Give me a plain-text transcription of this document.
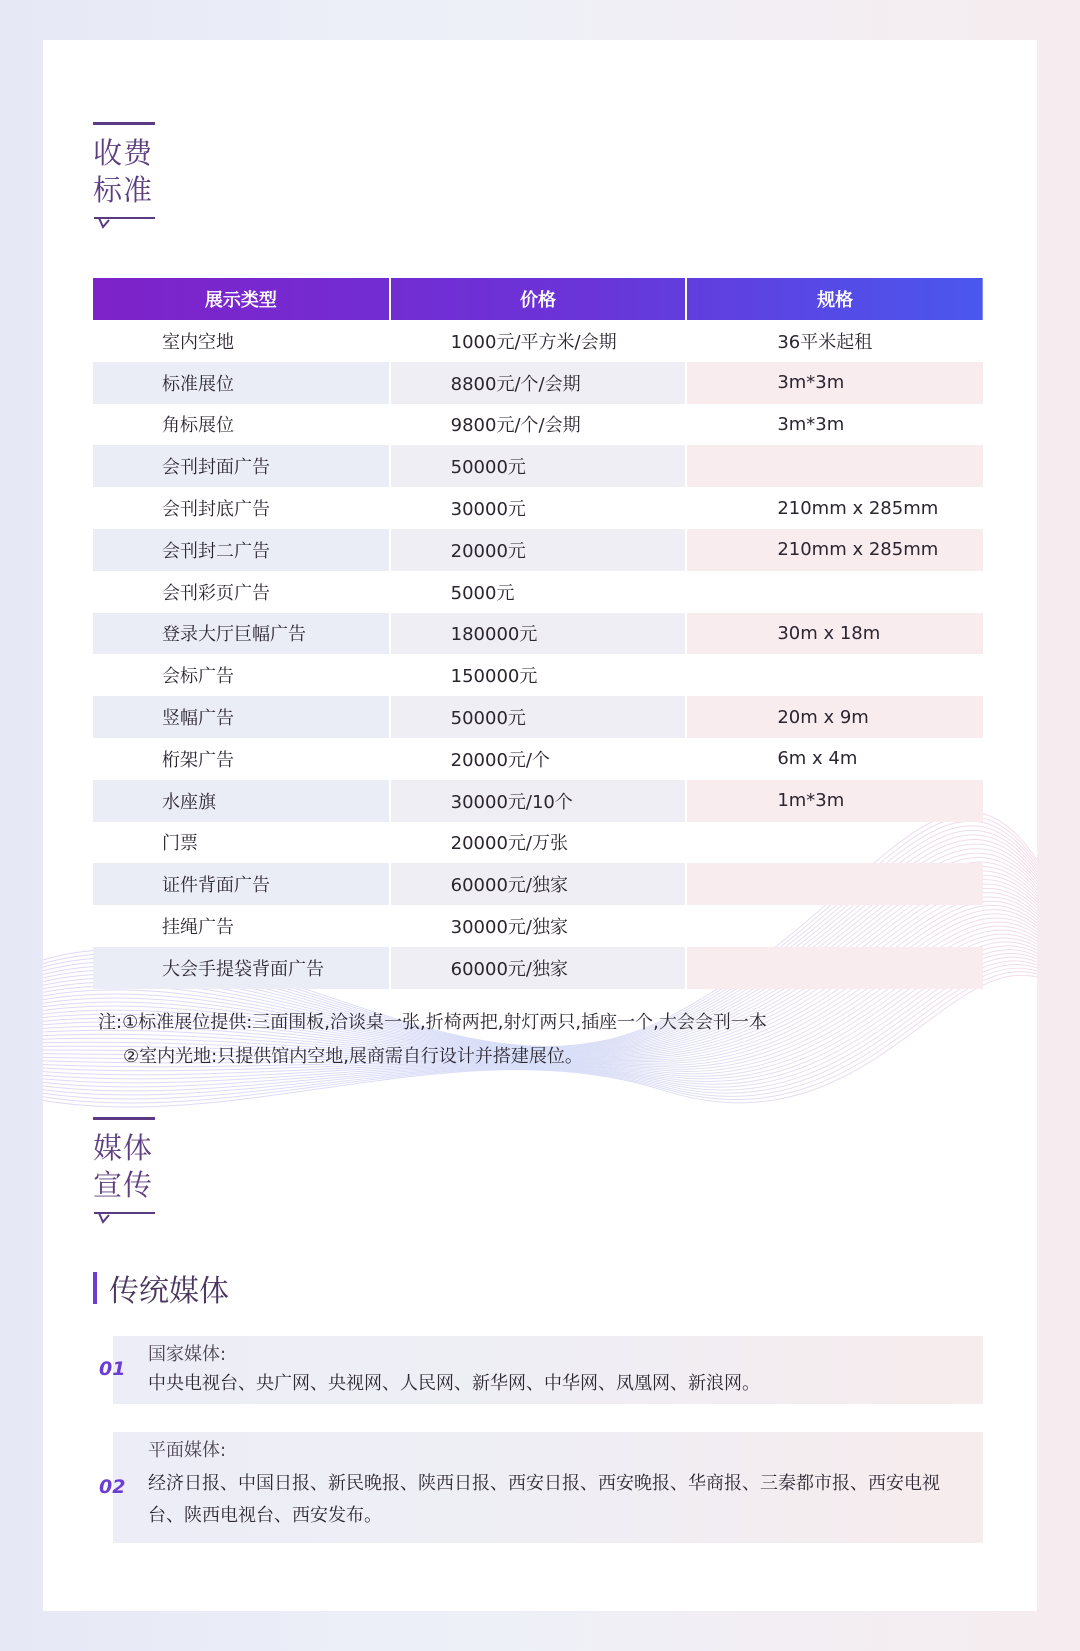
收费
标准
展示类型	价格	规格
室内空地	1000元/平方米/会期	36平米起租
标准展位	8800元/个/会期	3m*3m
角标展位	9800元/个/会期	3m*3m
会刊封面广告	50000元	
会刊封底广告	30000元	210mm x 285mm
会刊封二广告	20000元	210mm x 285mm
会刊彩页广告	5000元	
登录大厅巨幅广告	180000元	30m x 18m
会标广告	150000元	
竖幅广告	50000元	20m x 9m
桁架广告	20000元/个	6m x 4m
水座旗	30000元/10个	1m*3m
门票	20000元/万张	
证件背面广告	60000元/独家	
挂绳广告	30000元/独家	
大会手提袋背面广告	60000元/独家	
注:①标准展位提供:三面围板,洽谈桌一张,折椅两把,射灯两只,插座一个,大会会刊一本
②室内光地:只提供馆内空地,展商需自行设计并搭建展位。
媒体
宣传
传统媒体
01
国家媒体:
中央电视台、央广网、央视网、人民网、新华网、中华网、凤凰网、新浪网。
02
平面媒体:
经济日报、中国日报、新民晚报、陕西日报、西安日报、西安晚报、华商报、三秦都市报、西安电视台、陕西电视台、西安发布。
